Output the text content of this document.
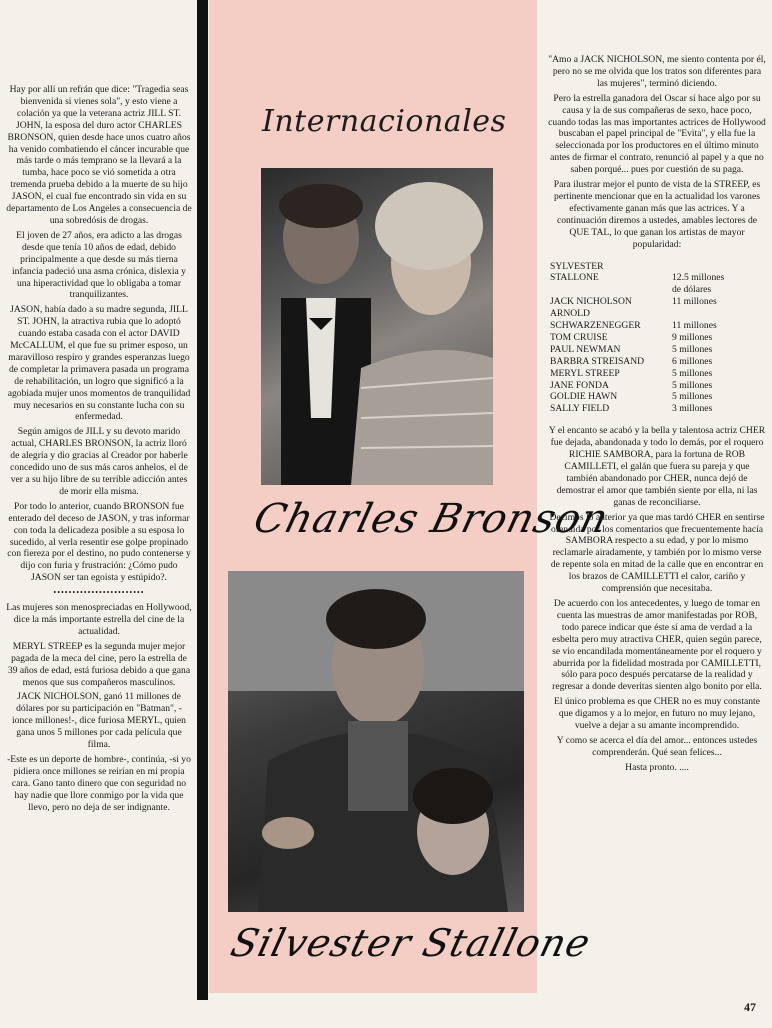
Hay por allí un refrán que dice: "Tragedia seas bienvenida si vienes sola", y esto viene a colación ya que la veterana actriz JILL ST. JOHN, la esposa del duro actor CHARLES BRONSON, quien desde hace unos cuatro años ha venido combatiendo el cáncer incurable que más tarde o más temprano se la llevará a la tumba, hace poco se vió sometida a otra tremenda prueba debido a la muerte de su hijo JASON, el cual fue encontrado sin vida en su departamento de Los Angeles a consecuencia de una sobredósis de drogas.

El joven de 27 años, era adicto a las drogas desde que tenía 10 años de edad, debido principalmente a que desde su más tierna infancia padeció una asma crónica, dislexia y una hiperactividad que lo obligaba a tomar tranquilizantes.

JASON, había dado a su madre segunda, JILL ST. JOHN, la atractiva rubia que lo adoptó cuando estaba casada con el actor DAVID McCALLUM, el que fue su primer esposo, un maravilloso respiro y grandes esperanzas luego de completar la primavera pasada un programa de rehabilitación, un logro que significó a la agobiada mujer unos momentos de tranquilidad muy necesarios en su constante lucha con su enfermedad.

Según amigos de JILL y su devoto marido actual, CHARLES BRONSON, la actriz lloró de alegría y dio gracias al Creador por haberle concedido uno de sus más caros anhelos, el de ver a su hijo libre de su terrible adicción antes de morir ella misma.

Por todo lo anterior, cuando BRONSON fue enterado del deceso de JASON, y tras informar con toda la delicadeza posible a su esposa lo sucedido, al verla resentir ese golpe propinado con fiereza por el destino, no pudo contenerse y dijo con furia y frustración: ¿Cómo pudo JASON ser tan egoista y estúpido?.

••••••••••••••••••••••••

Las mujeres son menospreciadas en Hollywood, dice la más importante estrella del cine de la actualidad.

MERYL STREEP es la segunda mujer mejor pagada de la meca del cine, pero la estrella de 39 años de edad, está furiosa debido a que gana menos que sus compañeros masculinos.

JACK NICHOLSON, ganó 11 millones de dólares por su participación en "Batman", -ionce millones!-, dice furiosa MERYL, quien gana unos 5 millones por cada película que filma.

-Este es un deporte de hombre-, continúa, -si yo pidiera once millones se reirían en mi propia cara. Gano tanto dinero que con seguridad no hay nadie que llore conmigo por la vida que llevo, pero no deja de ser indignante.

Internacionales
Charles Bronson
Silvester Stallone

"Amo a JACK NICHOLSON, me siento contenta por él, pero no se me olvida que los tratos son diferentes para las mujeres", terminó diciendo.

Pero la estrella ganadora del Oscar sí hace algo por su causa y la de sus compañeras de sexo, hace poco, cuando todas las mas importantes actrices de Hollywood buscaban el papel principal de "Evita", y ella fue la seleccionada por los productores en el último minuto antes de firmar el contrato, renunció al papel y a que no saben porqué... pues por cuestión de su paga.

Para ilustrar mejor el punto de vista de la STREEP, es pertinente mencionar que en la actualidad los varones efectivamente ganan más que las actrices. Y a continuación diremos a ustedes, amables lectores de QUE TAL, lo que ganan los artistas de mayor popularidad:

SYLVESTER	
STALLONE	12.5 millones
	de dólares
JACK NICHOLSON	11 millones
ARNOLD	
SCHWARZENEGGER	11 millones
TOM CRUISE	9 millones
PAUL NEWMAN	5 millones
BARBRA STREISAND	6 millones
MERYL STREEP	5 millones
JANE FONDA	5 millones
GOLDIE HAWN	5 millones
SALLY FIELD	3 millones

Y el encanto se acabó y la bella y talentosa actriz CHER fue dejada, abandonada y todo lo demás, por el roquero RICHIE SAMBORA, para la fortuna de ROB CAMILLETI, el galán que fuera su pareja y que también abandonado por CHER, nunca dejó de demostrar el amor que también siente por ella, ni las ganas de reconciliarse.

Decimos lo anterior ya que mas tardó CHER en sentirse ofendida por los comentarios que frecuentemente hacía SAMBORA respecto a su edad, y por lo mismo reclamarle airadamente, y también por lo mismo verse de repente sola en mitad de la calle que en encontrar en los brazos de CAMILLETTI el calor, cariño y comprensión que necesitaba.

De acuerdo con los antecedentes, y luego de tomar en cuenta las muestras de amor manifestadas por ROB, todo parece indicar que éste sí ama de verdad a la esbelta pero muy atractiva CHER, quien según parece, se vio encandilada momentáneamente por el roquero y aburrida por la fidelidad mostrada por CAMILLETTI, sólo para poco después percatarse de la realidad y regresar a donde deveritas sienten algo bonito por ella.

El único problema es que CHER no es muy constante que digamos y a lo mejor, en futuro no muy lejano, vuelve a dejar a su amante incomprendido.

Y como se acerca el día del amor... entonces ustedes comprenderán. Qué sean felices...

Hasta pronto. ....

47
